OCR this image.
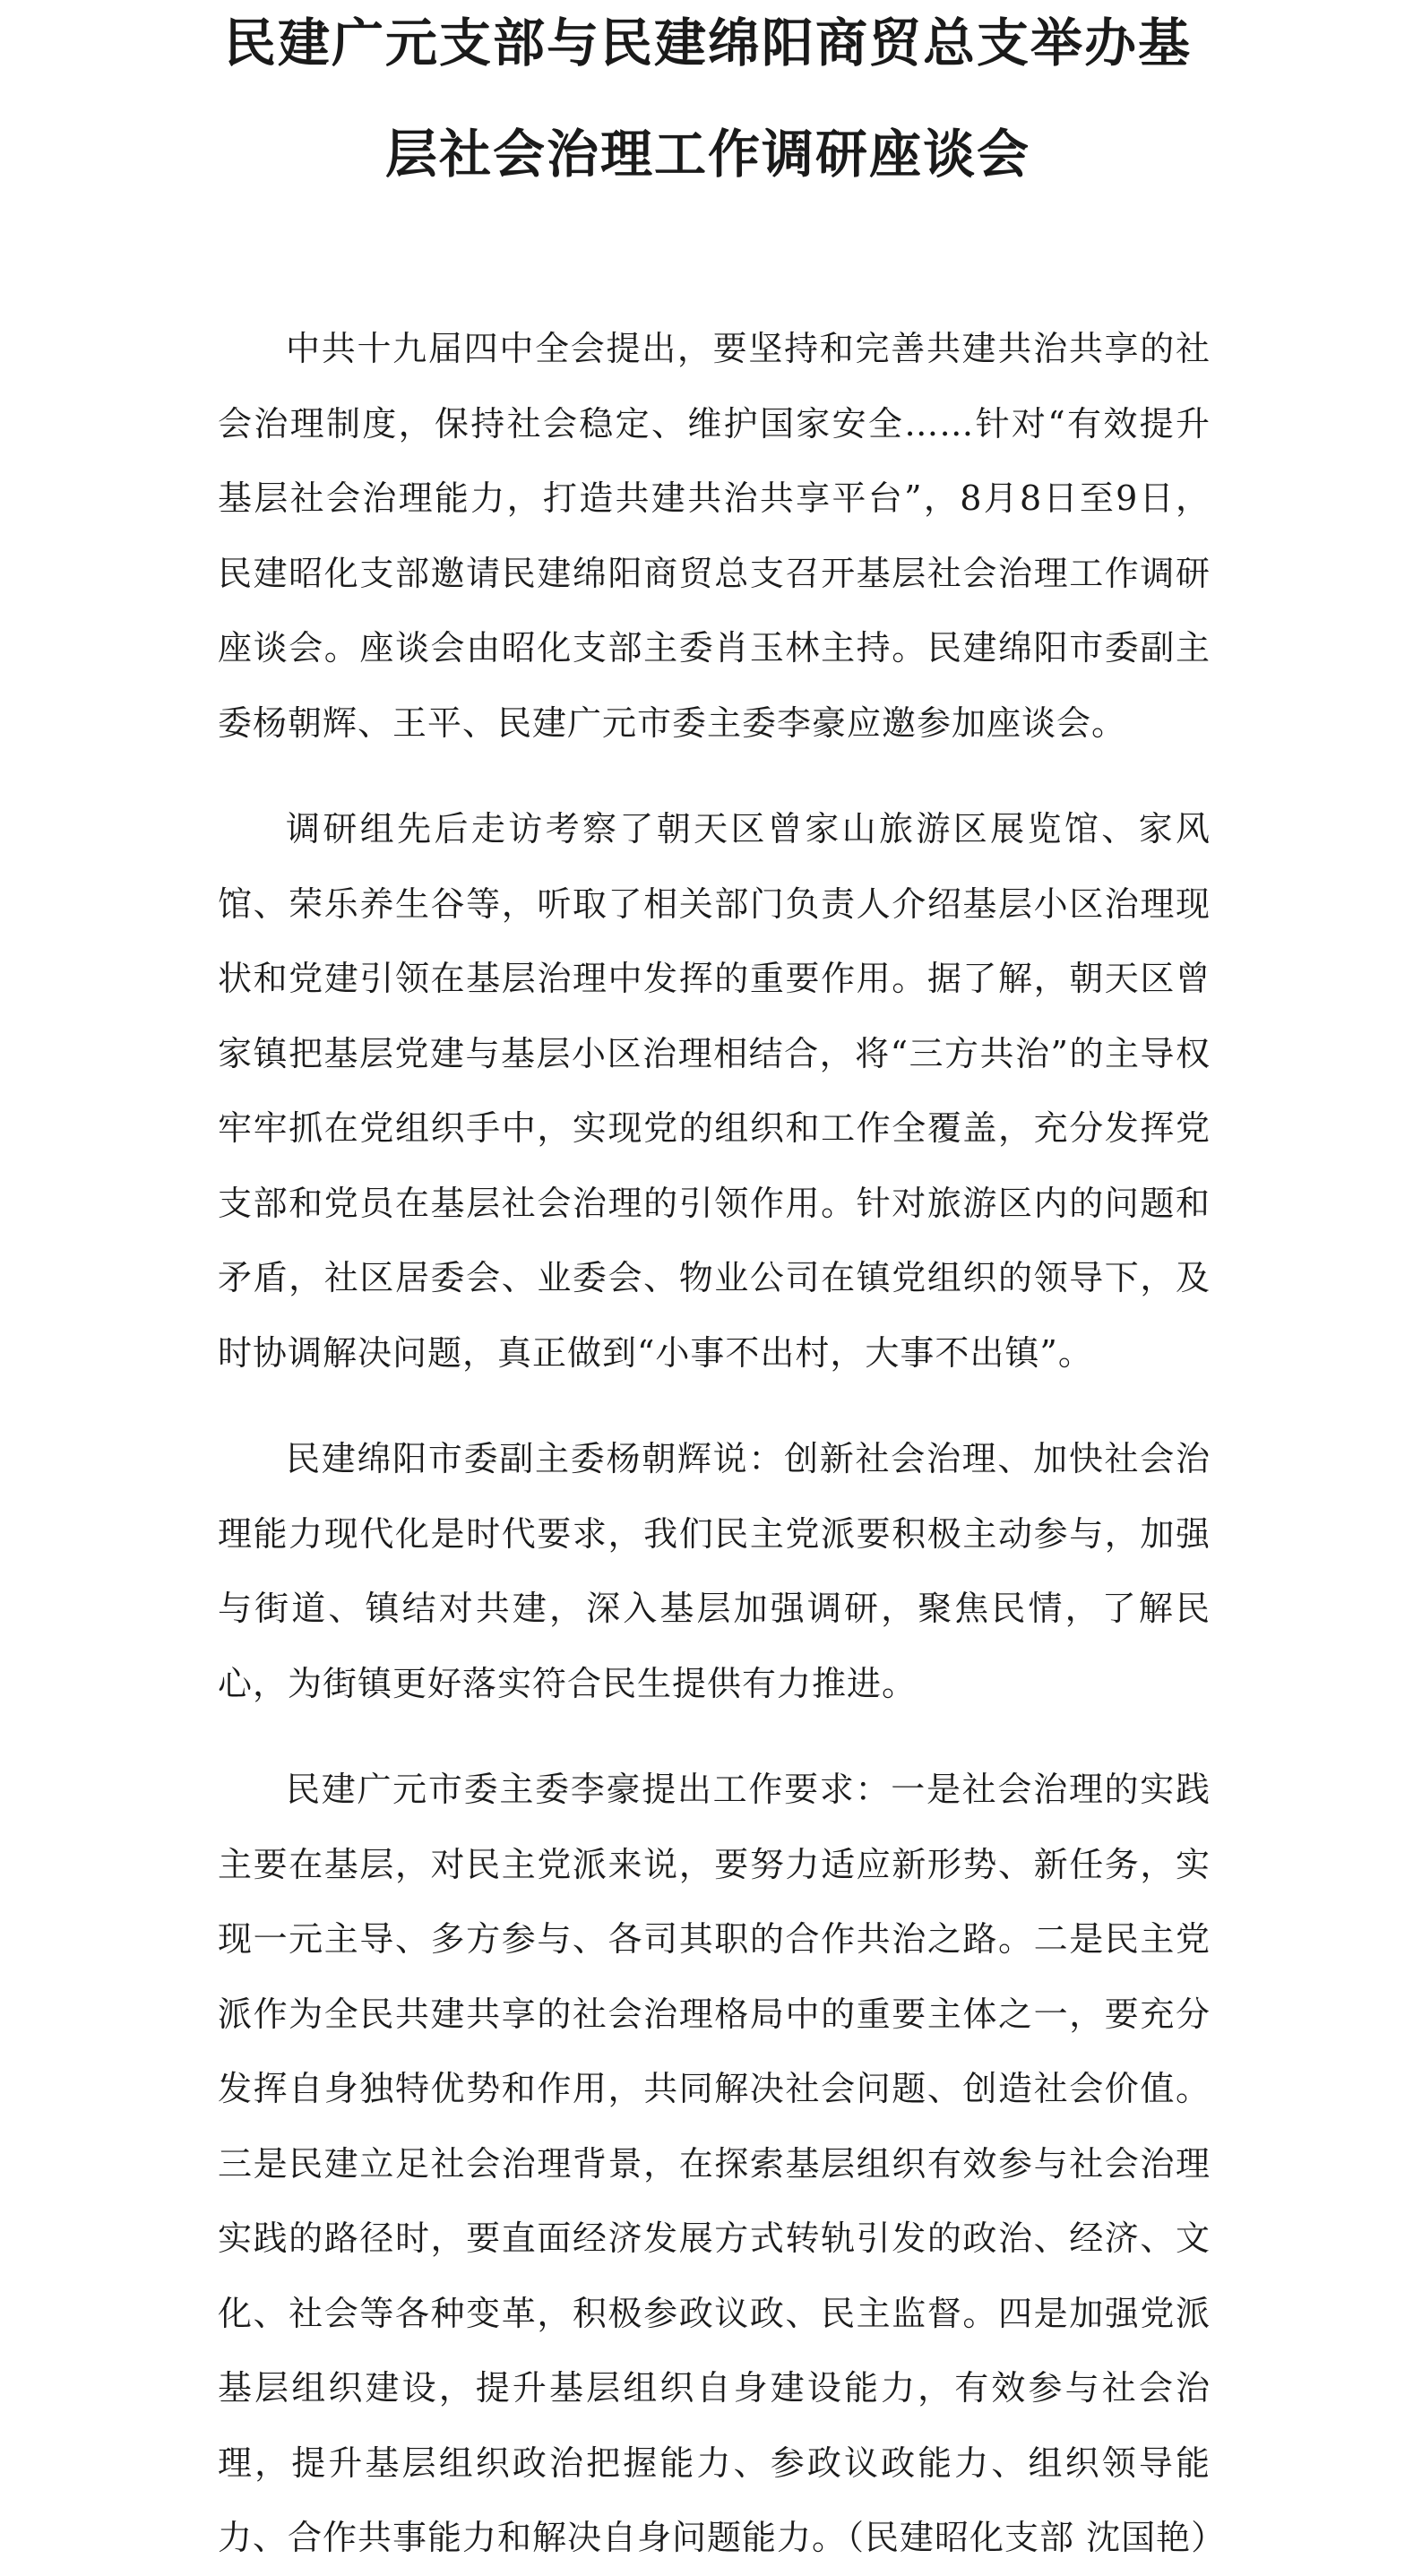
民建广元支部与民建绵阳商贸总支举办基
层社会治理工作调研座谈会

中共十九届四中全会提出，要坚持和完善共建共治共享的社会治理制度，保持社会稳定、维护国家安全……针对“有效提升基层社会治理能力，打造共建共治共享平台”，8月8日至9日，民建昭化支部邀请民建绵阳商贸总支召开基层社会治理工作调研座谈会。座谈会由昭化支部主委肖玉林主持。民建绵阳市委副主委杨朝辉、王平、民建广元市委主委李豪应邀参加座谈会。

调研组先后走访考察了朝天区曾家山旅游区展览馆、家风馆、荣乐养生谷等，听取了相关部门负责人介绍基层小区治理现状和党建引领在基层治理中发挥的重要作用。据了解，朝天区曾家镇把基层党建与基层小区治理相结合，将“三方共治”的主导权牢牢抓在党组织手中，实现党的组织和工作全覆盖，充分发挥党支部和党员在基层社会治理的引领作用。针对旅游区内的问题和矛盾，社区居委会、业委会、物业公司在镇党组织的领导下，及时协调解决问题，真正做到“小事不出村，大事不出镇”。

民建绵阳市委副主委杨朝辉说：创新社会治理、加快社会治理能力现代化是时代要求，我们民主党派要积极主动参与，加强与街道、镇结对共建，深入基层加强调研，聚焦民情，了解民心，为街镇更好落实符合民生提供有力推进。

民建广元市委主委李豪提出工作要求：一是社会治理的实践主要在基层，对民主党派来说，要努力适应新形势、新任务，实现一元主导、多方参与、各司其职的合作共治之路。二是民主党派作为全民共建共享的社会治理格局中的重要主体之一，要充分发挥自身独特优势和作用，共同解决社会问题、创造社会价值。三是民建立足社会治理背景，在探索基层组织有效参与社会治理实践的路径时，要直面经济发展方式转轨引发的政治、经济、文化、社会等各种变革，积极参政议政、民主监督。四是加强党派基层组织建设，提升基层组织自身建设能力，有效参与社会治理，提升基层组织政治把握能力、参政议政能力、组织领导能力、合作共事能力和解决自身问题能力。（民建昭化支部 沈国艳）
